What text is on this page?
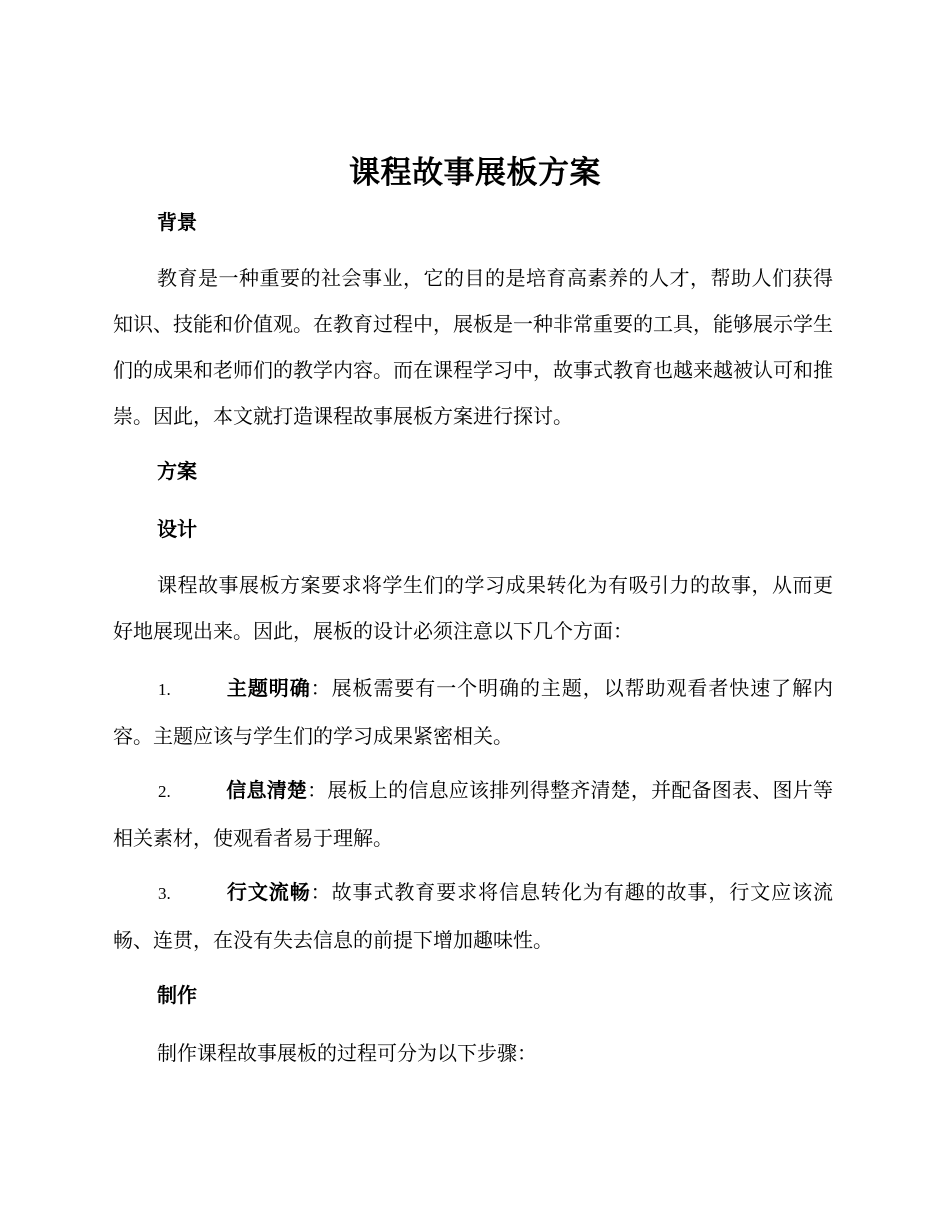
课程故事展板方案
背景

教育是一种重要的社会事业，它的目的是培育高素养的人才，帮助人们获得知识、技能和价值观。在教育过程中，展板是一种非常重要的工具，能够展示学生们的成果和老师们的教学内容。而在课程学习中，故事式教育也越来越被认可和推崇。因此，本文就打造课程故事展板方案进行探讨。

方案
设计

课程故事展板方案要求将学生们的学习成果转化为有吸引力的故事，从而更好地展现出来。因此，展板的设计必须注意以下几个方面：

1.	主题明确：展板需要有一个明确的主题，以帮助观看者快速了解内容。主题应该与学生们的学习成果紧密相关。

2.	信息清楚：展板上的信息应该排列得整齐清楚，并配备图表、图片等相关素材，使观看者易于理解。

3.	行文流畅：故事式教育要求将信息转化为有趣的故事，行文应该流畅、连贯，在没有失去信息的前提下增加趣味性。

制作

制作课程故事展板的过程可分为以下步骤：
